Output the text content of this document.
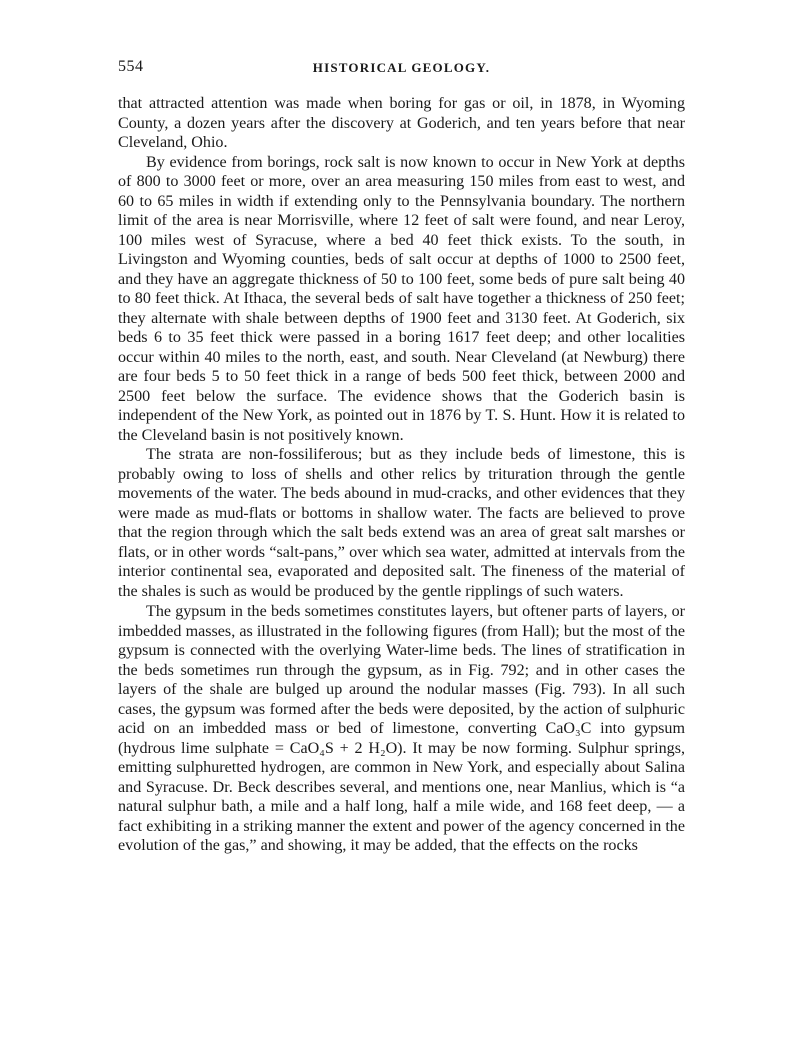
554	HISTORICAL GEOLOGY.

that attracted attention was made when boring for gas or oil, in 1878, in Wyoming County, a dozen years after the discovery at Goderich, and ten years before that near Cleveland, Ohio.

By evidence from borings, rock salt is now known to occur in New York at depths of 800 to 3000 feet or more, over an area measuring 150 miles from east to west, and 60 to 65 miles in width if extending only to the Pennsylvania boundary. The northern limit of the area is near Morrisville, where 12 feet of salt were found, and near Leroy, 100 miles west of Syracuse, where a bed 40 feet thick exists. To the south, in Livingston and Wyoming counties, beds of salt occur at depths of 1000 to 2500 feet, and they have an aggregate thickness of 50 to 100 feet, some beds of pure salt being 40 to 80 feet thick. At Ithaca, the several beds of salt have together a thickness of 250 feet; they alternate with shale between depths of 1900 feet and 3130 feet. At Goderich, six beds 6 to 35 feet thick were passed in a boring 1617 feet deep; and other localities occur within 40 miles to the north, east, and south. Near Cleveland (at Newburg) there are four beds 5 to 50 feet thick in a range of beds 500 feet thick, between 2000 and 2500 feet below the surface. The evidence shows that the Goderich basin is independent of the New York, as pointed out in 1876 by T. S. Hunt. How it is related to the Cleveland basin is not positively known.

The strata are non-fossiliferous; but as they include beds of limestone, this is probably owing to loss of shells and other relics by trituration through the gentle movements of the water. The beds abound in mud-cracks, and other evidences that they were made as mud-flats or bottoms in shallow water. The facts are believed to prove that the region through which the salt beds extend was an area of great salt marshes or flats, or in other words “salt-pans,” over which sea water, admitted at intervals from the interior continental sea, evaporated and deposited salt. The fineness of the material of the shales is such as would be produced by the gentle ripplings of such waters.

The gypsum in the beds sometimes constitutes layers, but oftener parts of layers, or imbedded masses, as illustrated in the following figures (from Hall); but the most of the gypsum is connected with the overlying Water-lime beds. The lines of stratification in the beds sometimes run through the gypsum, as in Fig. 792; and in other cases the layers of the shale are bulged up around the nodular masses (Fig. 793). In all such cases, the gypsum was formed after the beds were deposited, by the action of sulphuric acid on an imbedded mass or bed of limestone, converting CaO₃C into gypsum (hydrous lime sulphate = CaO₄S + 2 H₂O). It may be now forming. Sulphur springs, emitting sulphuretted hydrogen, are common in New York, and especially about Salina and Syracuse. Dr. Beck describes several, and mentions one, near Manlius, which is “a natural sulphur bath, a mile and a half long, half a mile wide, and 168 feet deep, — a fact exhibiting in a striking manner the extent and power of the agency concerned in the evolution of the gas,” and showing, it may be added, that the effects on the rocks
